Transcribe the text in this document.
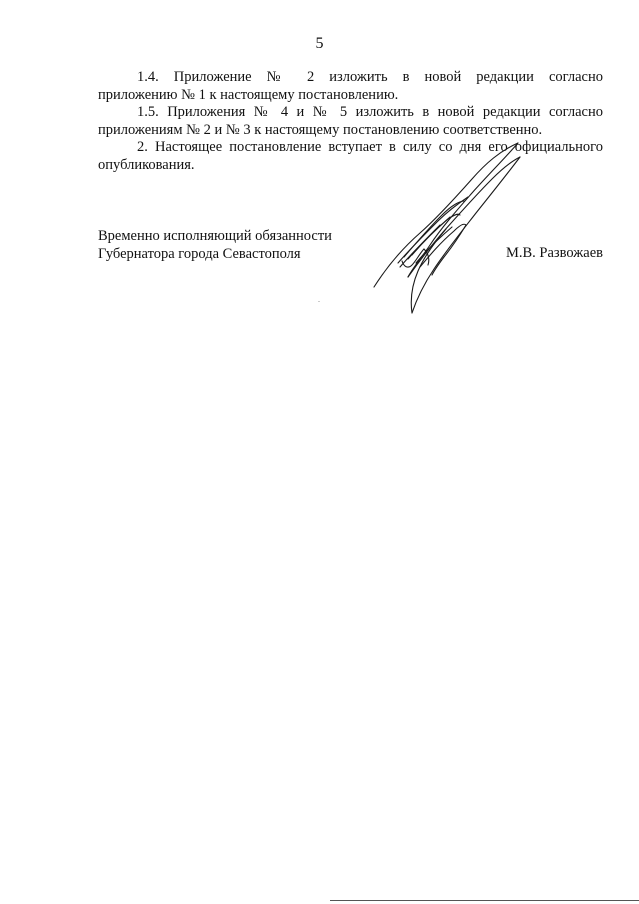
5

1.4. Приложение № 2 изложить в новой редакции согласно
приложению № 1 к настоящему постановлению.

1.5. Приложения № 4 и № 5 изложить в новой редакции согласно
приложениям № 2 и № 3 к настоящему постановлению соответственно.

2. Настоящее постановление вступает в силу со дня его официального
опубликования.

Временно исполняющий обязанности
Губернатора города Севастополя	М.В. Развожаев
